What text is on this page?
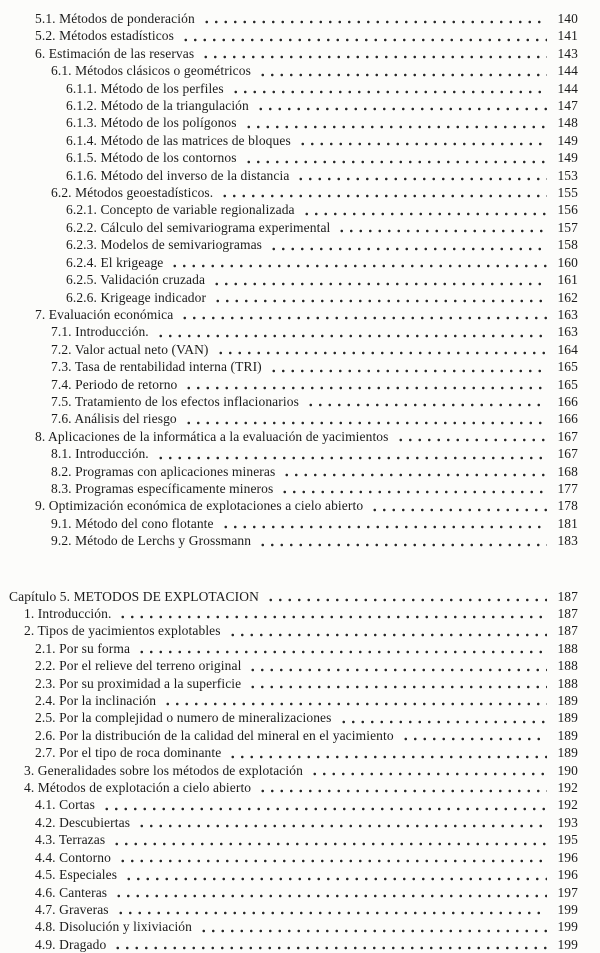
5.1. Métodos de ponderación	140
5.2. Métodos estadísticos	141
6. Estimación de las reservas	143
6.1. Métodos clásicos o geométricos	144
6.1.1. Método de los perfiles	144
6.1.2. Método de la triangulación	147
6.1.3. Método de los polígonos	148
6.1.4. Método de las matrices de bloques	149
6.1.5. Método de los contornos	149
6.1.6. Método del inverso de la distancia	153
6.2. Métodos geoestadísticos.	155
6.2.1. Concepto de variable regionalizada	156
6.2.2. Cálculo del semivariograma experimental	157
6.2.3. Modelos de semivariogramas	158
6.2.4. El krigeage	160
6.2.5. Validación cruzada	161
6.2.6. Krigeage indicador	162
7. Evaluación económica	163
7.1. Introducción.	163
7.2. Valor actual neto (VAN)	164
7.3. Tasa de rentabilidad interna (TRI)	165
7.4. Periodo de retorno	165
7.5. Tratamiento de los efectos inflacionarios	166
7.6. Análisis del riesgo	166
8. Aplicaciones de la informática a la evaluación de yacimientos	167
8.1. Introducción.	167
8.2. Programas con aplicaciones mineras	168
8.3. Programas específicamente mineros	177
9. Optimización económica de explotaciones a cielo abierto	178
9.1. Método del cono flotante	181
9.2. Método de Lerchs y Grossmann	183
Capítulo 5. METODOS DE EXPLOTACION	187
1. Introducción.	187
2. Tipos de yacimientos explotables	187
2.1. Por su forma	188
2.2. Por el relieve del terreno original	188
2.3. Por su proximidad a la superficie	188
2.4. Por la inclinación	189
2.5. Por la complejidad o numero de mineralizaciones	189
2.6. Por la distribución de la calidad del mineral en el yacimiento	189
2.7. Por el tipo de roca dominante	189
3. Generalidades sobre los métodos de explotación	190
4. Métodos de explotación a cielo abierto	192
4.1. Cortas	192
4.2. Descubiertas	193
4.3. Terrazas	195
4.4. Contorno	196
4.5. Especiales	196
4.6. Canteras	197
4.7. Graveras	199
4.8. Disolución y lixiviación	199
4.9. Dragado	199
